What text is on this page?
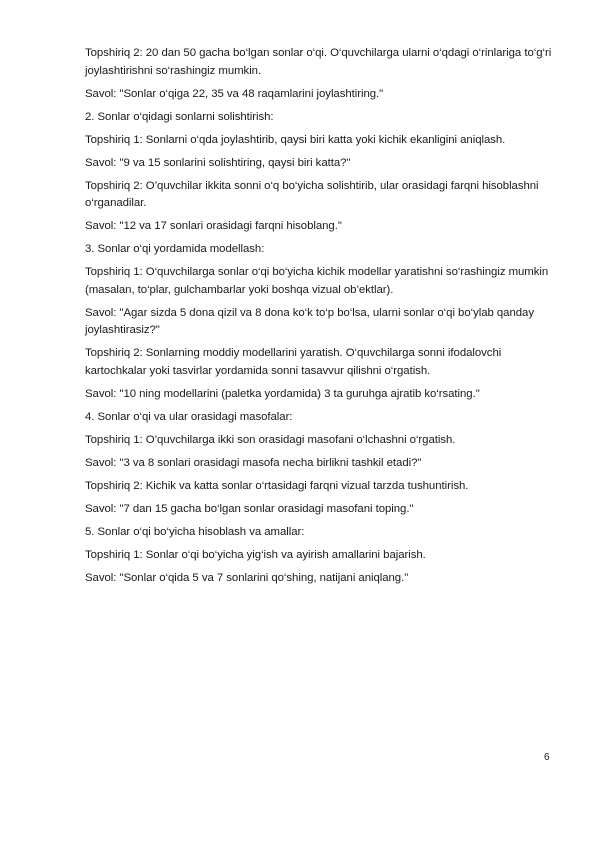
Topshiriq 2: 20 dan 50 gacha bo‘lgan sonlar o‘qi. O‘quvchilarga ularni o‘qdagi o‘rinlariga to‘g‘ri joylashtirishni so‘rashingiz mumkin.

Savol: "Sonlar o‘qiga 22, 35 va 48 raqamlarini joylashtiring."

2. Sonlar o‘qidagi sonlarni solishtirish:

Topshiriq 1: Sonlarni o‘qda joylashtirib, qaysi biri katta yoki kichik ekanligini aniqlash.

Savol: "9 va 15 sonlarini solishtiring, qaysi biri katta?"

Topshiriq 2: O’quvchilar ikkita sonni o‘q bo‘yicha solishtirib, ular orasidagi farqni hisoblashni o‘rganadilar.

Savol: "12 va 17 sonlari orasidagi farqni hisoblang."

3. Sonlar o‘qi yordamida modellash:

Topshiriq 1: O‘quvchilarga sonlar o‘qi bo‘yicha kichik modellar yaratishni so‘rashingiz mumkin (masalan, to‘plar, gulchambarlar yoki boshqa vizual ob’ektlar).

Savol: "Agar sizda 5 dona qizil va 8 dona ko‘k to‘p bo‘lsa, ularni sonlar o‘qi bo‘ylab qanday joylashtirasiz?"

Topshiriq 2: Sonlarning moddiy modellarini yaratish. O‘quvchilarga sonni ifodalovchi kartochkalar yoki tasvirlar yordamida sonni tasavvur qilishni o‘rgatish.

Savol: "10 ning modellarini (paletka yordamida) 3 ta guruhga ajratib ko‘rsating."

4. Sonlar o‘qi va ular orasidagi masofalar:

Topshiriq 1: O’quvchilarga ikki son orasidagi masofani o‘lchashni o‘rgatish.

Savol: "3 va 8 sonlari orasidagi masofa necha birlikni tashkil etadi?"

Topshiriq 2: Kichik va katta sonlar o‘rtasidagi farqni vizual tarzda tushuntirish.

Savol: "7 dan 15 gacha bo‘lgan sonlar orasidagi masofani toping."

5. Sonlar o‘qi bo‘yicha hisoblash va amallar:

Topshiriq 1: Sonlar o‘qi bo‘yicha yig‘ish va ayirish amallarini bajarish.

Savol: "Sonlar o‘qida 5 va 7 sonlarini qo‘shing, natijani aniqlang."

6
